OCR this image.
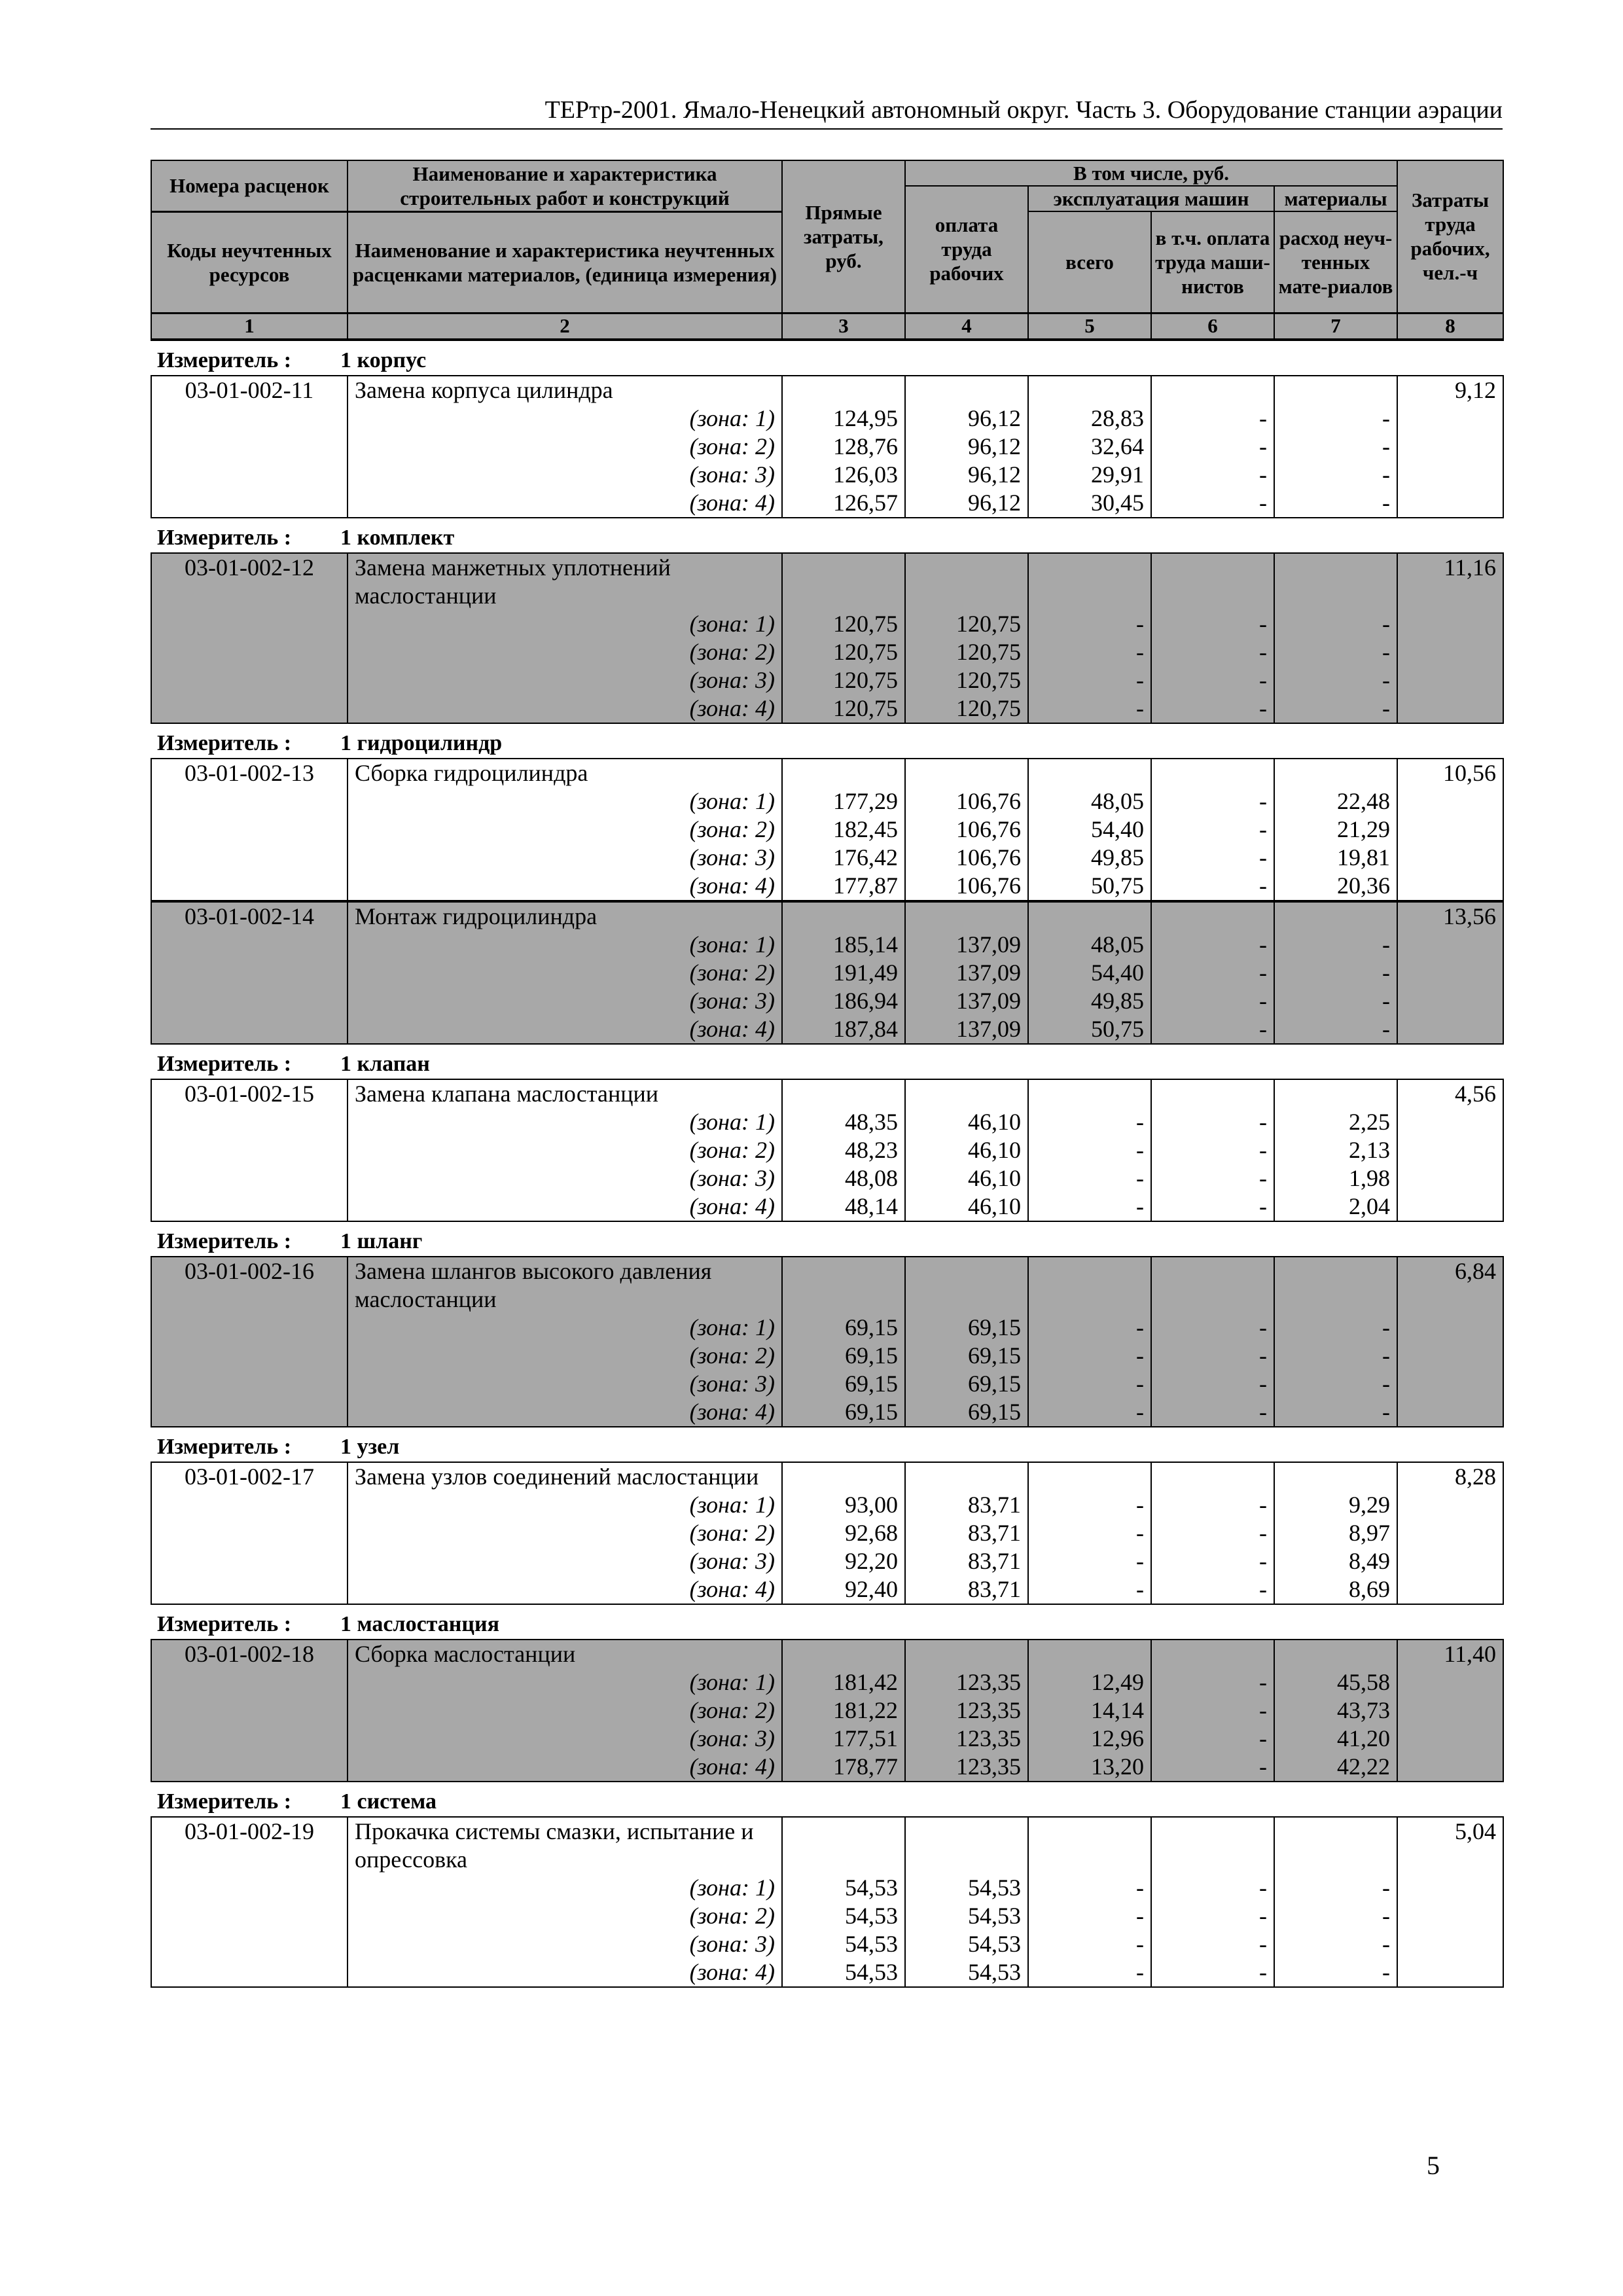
ТЕРтр-2001. Ямало-Ненецкий автономный округ. Часть 3. Оборудование станции аэрации
Номера расценок	Наименование и характеристика строительных работ и конструкций	Прямые затраты, руб.	В том числе, руб.				Затраты труда рабочих, чел.-ч
			оплата труда рабочих	эксплуатация машин		материалы	
Коды неучтенных ресурсов	Наименование и характеристика неучтенных расценками материалов, (единица измерения)			всего	в т.ч. оплата труда маши-нистов	расход неуч-тенных мате-риалов	

1	2	3	4	5	6	7	8
Измеритель : 1 корпус
03-01-002-11	Замена корпуса цилиндра						9,12
	(зона: 1)	124,95	96,12	28,83	-	-	
	(зона: 2)	128,76	96,12	32,64	-	-	
	(зона: 3)	126,03	96,12	29,91	-	-	
	(зона: 4)	126,57	96,12	30,45	-	-	
Измеритель : 1 комплект
03-01-002-12	Замена манжетных уплотнений маслостанции						11,16
	(зона: 1)	120,75	120,75	-	-	-	
	(зона: 2)	120,75	120,75	-	-	-	
	(зона: 3)	120,75	120,75	-	-	-	
	(зона: 4)	120,75	120,75	-	-	-	
Измеритель : 1 гидроцилиндр
03-01-002-13	Сборка гидроцилиндра						10,56
	(зона: 1)	177,29	106,76	48,05	-	22,48	
	(зона: 2)	182,45	106,76	54,40	-	21,29	
	(зона: 3)	176,42	106,76	49,85	-	19,81	
	(зона: 4)	177,87	106,76	50,75	-	20,36	
03-01-002-14	Монтаж гидроцилиндра						13,56
	(зона: 1)	185,14	137,09	48,05	-	-	
	(зона: 2)	191,49	137,09	54,40	-	-	
	(зона: 3)	186,94	137,09	49,85	-	-	
	(зона: 4)	187,84	137,09	50,75	-	-	
Измеритель : 1 клапан
03-01-002-15	Замена клапана маслостанции						4,56
	(зона: 1)	48,35	46,10	-	-	2,25	
	(зона: 2)	48,23	46,10	-	-	2,13	
	(зона: 3)	48,08	46,10	-	-	1,98	
	(зона: 4)	48,14	46,10	-	-	2,04	
Измеритель : 1 шланг
03-01-002-16	Замена шлангов высокого давления маслостанции						6,84
	(зона: 1)	69,15	69,15	-	-	-	
	(зона: 2)	69,15	69,15	-	-	-	
	(зона: 3)	69,15	69,15	-	-	-	
	(зона: 4)	69,15	69,15	-	-	-	
Измеритель : 1 узел
03-01-002-17	Замена узлов соединений маслостанции						8,28
	(зона: 1)	93,00	83,71	-	-	9,29	
	(зона: 2)	92,68	83,71	-	-	8,97	
	(зона: 3)	92,20	83,71	-	-	8,49	
	(зона: 4)	92,40	83,71	-	-	8,69	
Измеритель : 1 маслостанция
03-01-002-18	Сборка маслостанции						11,40
	(зона: 1)	181,42	123,35	12,49	-	45,58	
	(зона: 2)	181,22	123,35	14,14	-	43,73	
	(зона: 3)	177,51	123,35	12,96	-	41,20	
	(зона: 4)	178,77	123,35	13,20	-	42,22	
Измеритель : 1 система
03-01-002-19	Прокачка системы смазки, испытание и опрессовка						5,04
	(зона: 1)	54,53	54,53	-	-	-	
	(зона: 2)	54,53	54,53	-	-	-	
	(зона: 3)	54,53	54,53	-	-	-	
	(зона: 4)	54,53	54,53	-	-	-	
5
